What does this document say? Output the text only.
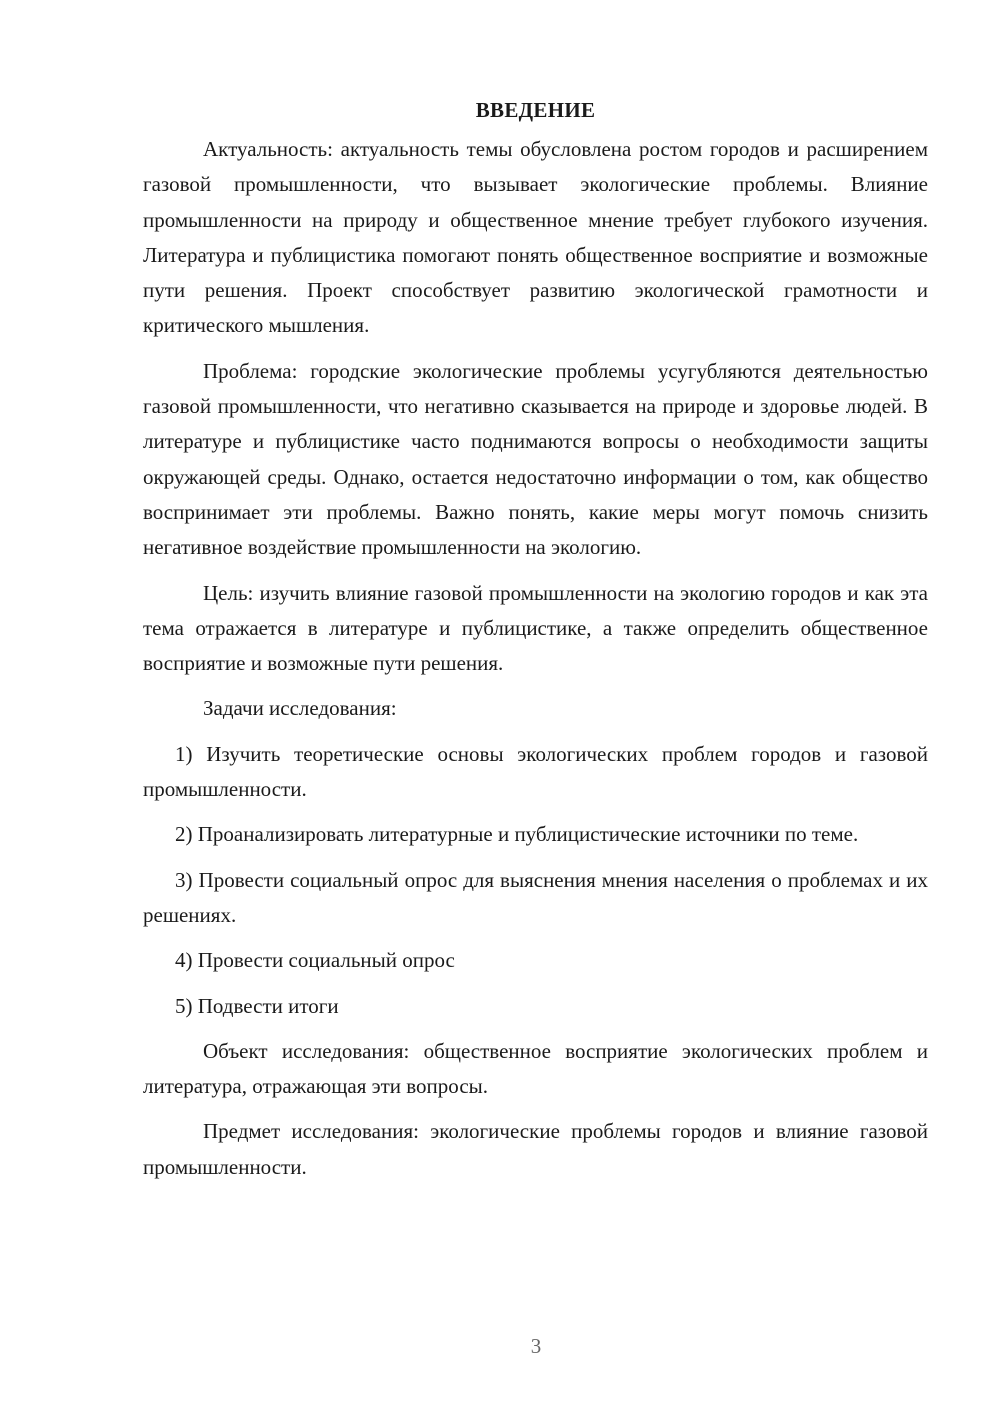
ВВЕДЕНИЕ

Актуальность: актуальность темы обусловлена ростом городов и расширением газовой промышленности, что вызывает экологические проблемы. Влияние промышленности на природу и общественное мнение требует глубокого изучения. Литература и публицистика помогают понять общественное восприятие и возможные пути решения. Проект способствует развитию экологической грамотности и критического мышления.

Проблема: городские экологические проблемы усугубляются деятельностью газовой промышленности, что негативно сказывается на природе и здоровье людей. В литературе и публицистике часто поднимаются вопросы о необходимости защиты окружающей среды. Однако, остается недостаточно информации о том, как общество воспринимает эти проблемы. Важно понять, какие меры могут помочь снизить негативное воздействие промышленности на экологию.

Цель: изучить влияние газовой промышленности на экологию городов и как эта тема отражается в литературе и публицистике, а также определить общественное восприятие и возможные пути решения.

Задачи исследования:

1) Изучить теоретические основы экологических проблем городов и газовой промышленности.

2) Проанализировать литературные и публицистические источники по теме.

3) Провести социальный опрос для выяснения мнения населения о проблемах и их решениях.

4) Провести социальный опрос

5) Подвести итоги

Объект исследования: общественное восприятие экологических проблем и литература, отражающая эти вопросы.

Предмет исследования: экологические проблемы городов и влияние газовой промышленности.

3
